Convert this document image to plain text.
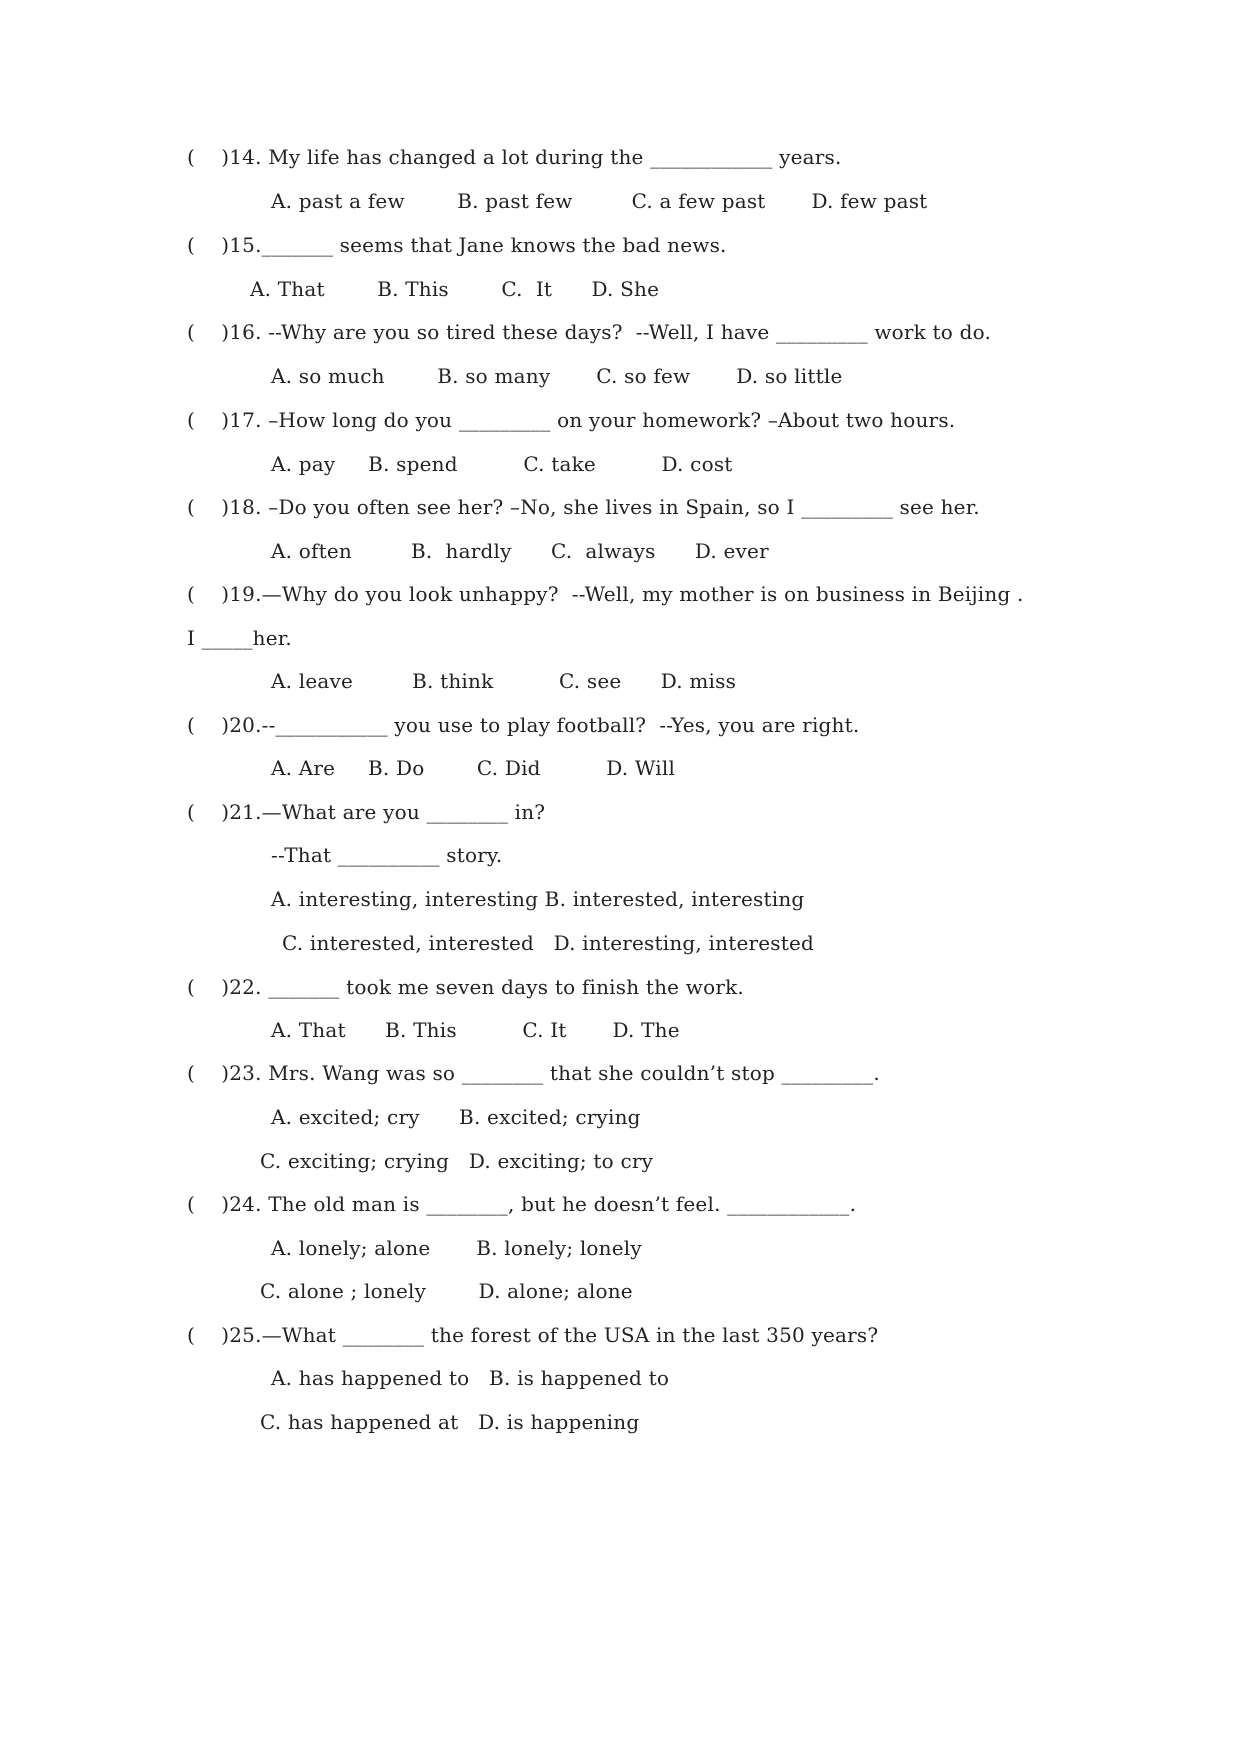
(    )14. My life has changed a lot during the ____________ years.
A. past a few        B. past few         C. a few past       D. few past
(    )15._______ seems that Jane knows the bad news.
A. That        B. This        C.  It      D. She
(    )16. --Why are you so tired these days?  --Well, I have _________ work to do.
A. so much        B. so many       C. so few       D. so little
(    )17. –How long do you _________ on your homework? –About two hours.
A. pay     B. spend          C. take          D. cost
(    )18. –Do you often see her? –No, she lives in Spain, so I _________ see her.
A. often         B.  hardly      C.  always      D. ever
(    )19.—Why do you look unhappy?  --Well, my mother is on business in Beijing .
I _____her.
A. leave         B. think          C. see      D. miss
(    )20.--___________ you use to play football?  --Yes, you are right.
A. Are     B. Do        C. Did          D. Will
(    )21.—What are you ________ in?
--That __________ story.
A. interesting, interesting B. interested, interesting
C. interested, interested   D. interesting, interested
(    )22. _______ took me seven days to finish the work.
A. That      B. This          C. It       D. The
(    )23. Mrs. Wang was so ________ that she couldn’t stop _________.
A. excited; cry      B. excited; crying
C. exciting; crying   D. exciting; to cry
(    )24. The old man is ________, but he doesn’t feel. ____________.
A. lonely; alone       B. lonely; lonely
C. alone ; lonely        D. alone; alone
(    )25.—What ________ the forest of the USA in the last 350 years?
A. has happened to   B. is happened to
C. has happened at   D. is happening
